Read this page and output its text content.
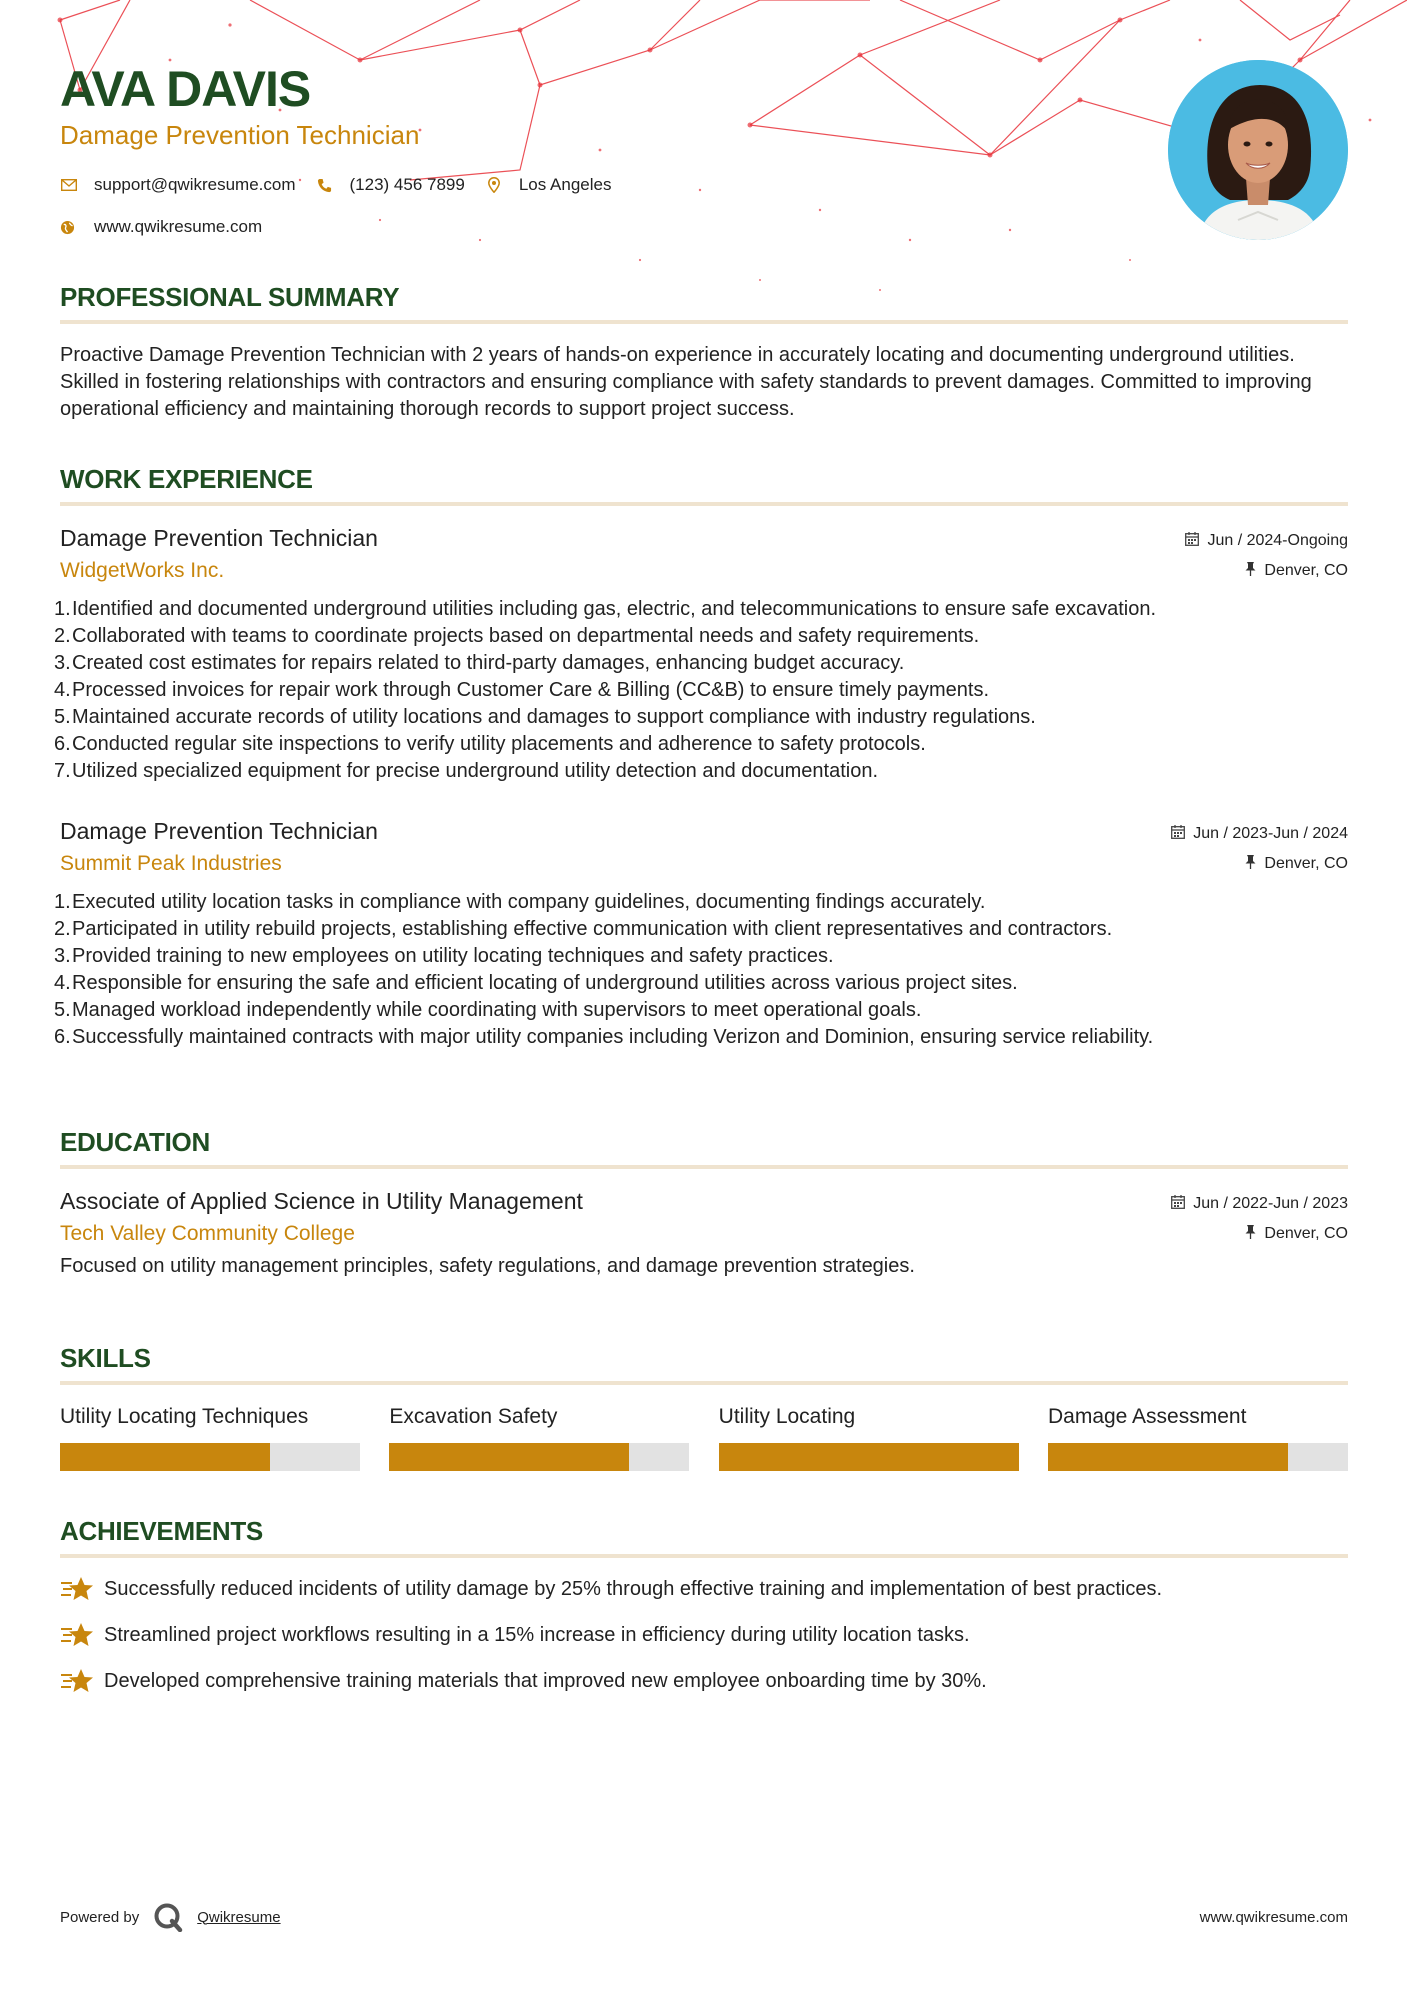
AVA DAVIS
Damage Prevention Technician
support@qwikresume.com	(123) 456 7899	Los Angeles
www.qwikresume.com
PROFESSIONAL SUMMARY
Proactive Damage Prevention Technician with 2 years of hands-on experience in accurately locating and documenting underground utilities. Skilled in fostering relationships with contractors and ensuring compliance with safety standards to prevent damages. Committed to improving operational efficiency and maintaining thorough records to support project success.
WORK EXPERIENCE
Damage Prevention Technician	Jun / 2024-Ongoing
WidgetWorks Inc.	Denver, CO
1. Identified and documented underground utilities including gas, electric, and telecommunications to ensure safe excavation.
2. Collaborated with teams to coordinate projects based on departmental needs and safety requirements.
3. Created cost estimates for repairs related to third-party damages, enhancing budget accuracy.
4. Processed invoices for repair work through Customer Care & Billing (CC&B) to ensure timely payments.
5. Maintained accurate records of utility locations and damages to support compliance with industry regulations.
6. Conducted regular site inspections to verify utility placements and adherence to safety protocols.
7. Utilized specialized equipment for precise underground utility detection and documentation.
Damage Prevention Technician	Jun / 2023-Jun / 2024
Summit Peak Industries	Denver, CO
1. Executed utility location tasks in compliance with company guidelines, documenting findings accurately.
2. Participated in utility rebuild projects, establishing effective communication with client representatives and contractors.
3. Provided training to new employees on utility locating techniques and safety practices.
4. Responsible for ensuring the safe and efficient locating of underground utilities across various project sites.
5. Managed workload independently while coordinating with supervisors to meet operational goals.
6. Successfully maintained contracts with major utility companies including Verizon and Dominion, ensuring service reliability.
EDUCATION
Associate of Applied Science in Utility Management	Jun / 2022-Jun / 2023
Tech Valley Community College	Denver, CO
Focused on utility management principles, safety regulations, and damage prevention strategies.
SKILLS
Utility Locating Techniques	Excavation Safety	Utility Locating	Damage Assessment
ACHIEVEMENTS
Successfully reduced incidents of utility damage by 25% through effective training and implementation of best practices.
Streamlined project workflows resulting in a 15% increase in efficiency during utility location tasks.
Developed comprehensive training materials that improved new employee onboarding time by 30%.
Powered by	Qwikresume	www.qwikresume.com
